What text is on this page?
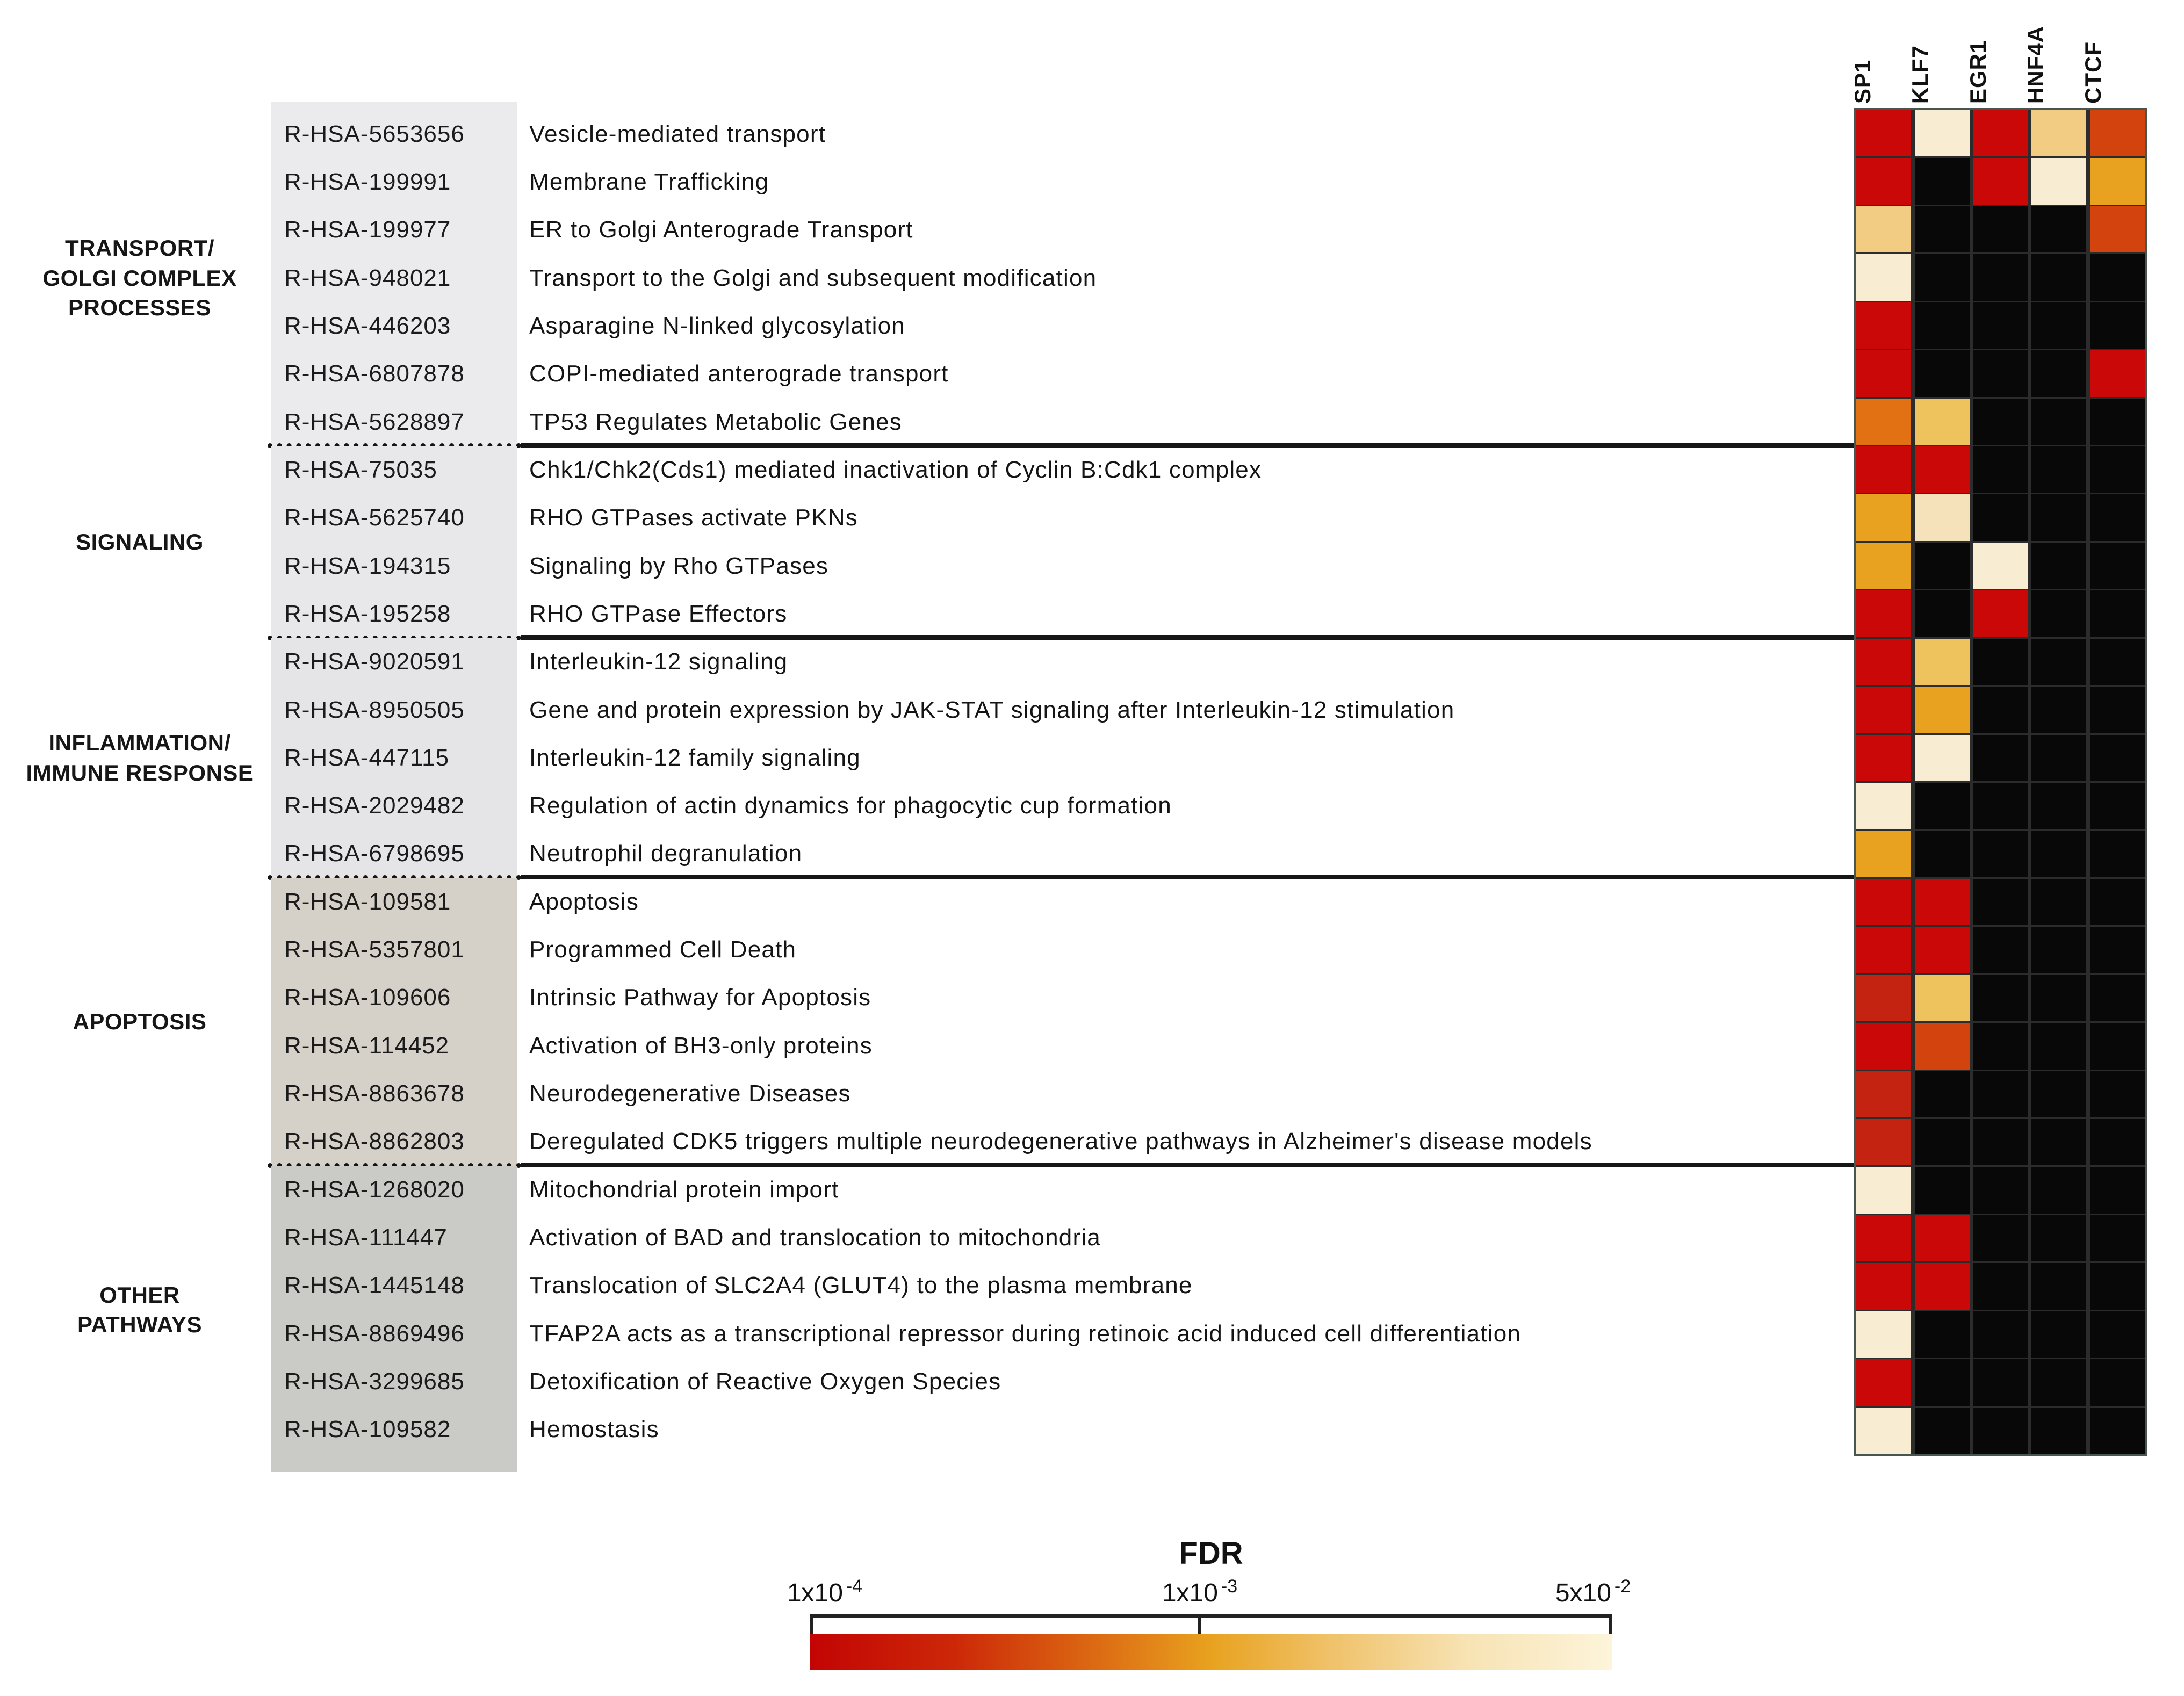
FDR
1x10 $^{-4}$	1x10 $^{-3}$	5x10 $^{-2}$
SP1 KLF7 EGR1 HNF4A CTCF
TRANSPORT/
GOLGI COMPLEX
PROCESSES
R-HSA-5653656	Vesicle-mediated transport
R-HSA-199991	Membrane Trafficking
R-HSA-199977	ER to Golgi Anterograde Transport
R-HSA-948021	Transport to the Golgi and subsequent modification
R-HSA-446203	Asparagine N-linked glycosylation
R-HSA-6807878	COPI-mediated anterograde transport
R-HSA-5628897	TP53 Regulates Metabolic Genes
SIGNALING
R-HSA-75035	Chk1/Chk2(Cds1) mediated inactivation of Cyclin B:Cdk1 complex
R-HSA-5625740	RHO GTPases activate PKNs
R-HSA-194315	Signaling by Rho GTPases
R-HSA-195258	RHO GTPase Effectors
INFLAMMATION/
IMMUNE RESPONSE
R-HSA-9020591	Interleukin-12 signaling
R-HSA-8950505	Gene and protein expression by JAK-STAT signaling after Interleukin-12 stimulation
R-HSA-447115	Interleukin-12 family signaling
R-HSA-2029482	Regulation of actin dynamics for phagocytic cup formation
R-HSA-6798695	Neutrophil degranulation
APOPTOSIS
R-HSA-109581	Apoptosis
R-HSA-5357801	Programmed Cell Death
R-HSA-109606	Intrinsic Pathway for Apoptosis
R-HSA-114452	Activation of BH3-only proteins
R-HSA-8863678	Neurodegenerative Diseases
R-HSA-8862803	Deregulated CDK5 triggers multiple neurodegenerative pathways in Alzheimer's disease models
OTHER
PATHWAYS
R-HSA-1268020	Mitochondrial protein import
R-HSA-111447	Activation of BAD and translocation to mitochondria
R-HSA-1445148	Translocation of SLC2A4 (GLUT4) to the plasma membrane
R-HSA-8869496	TFAP2A acts as a transcriptional repressor during retinoic acid induced cell differentiation
R-HSA-3299685	Detoxification of Reactive Oxygen Species
R-HSA-109582	Hemostasis
